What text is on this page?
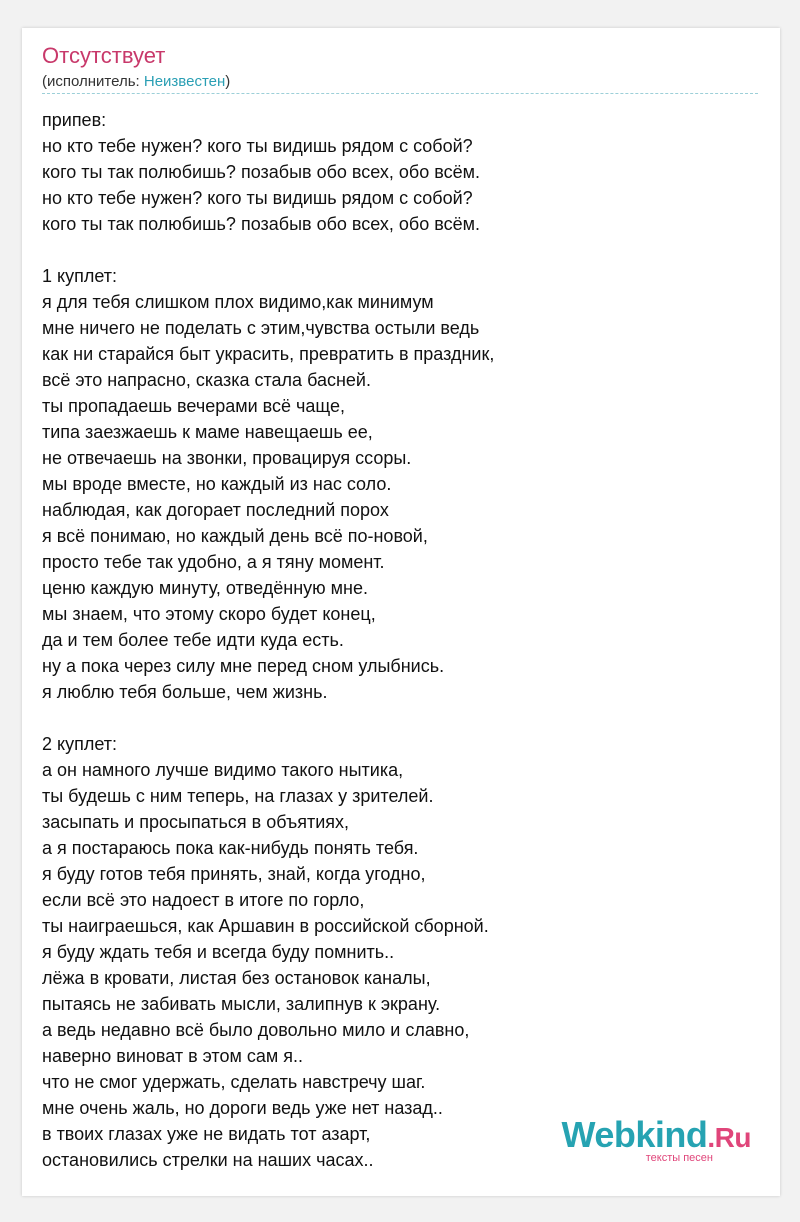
Отсутствует
(исполнитель: Неизвестен)
припев:
но кто тебе нужен? кого ты видишь рядом с собой?
кого ты так полюбишь? позабыв обо всех, обо всём.
но кто тебе нужен? кого ты видишь рядом с собой?
кого ты так полюбишь? позабыв обо всех, обо всём.
1 куплет:
я для тебя слишком плох видимо,как минимум
мне ничего не поделать с этим,чувства остыли ведь
как ни старайся быт украсить, превратить в праздник,
всё это напрасно, сказка стала басней.
ты пропадаешь вечерами всё чаще,
типа заезжаешь к маме навещаешь ее,
не отвечаешь на звонки, провацируя ссоры.
мы вроде вместе, но каждый из нас соло.
наблюдая, как догорает последний порох
я всё понимаю, но каждый день всё по-новой,
просто тебе так удобно, а я тяну момент.
ценю каждую минуту, отведённую мне.
мы знаем, что этому скоро будет конец,
да и тем более тебе идти куда есть.
ну а пока через силу мне перед сном улыбнись.
я люблю тебя больше, чем жизнь.
2 куплет:
а он намного лучше видимо такого нытика,
ты будешь с ним теперь, на глазах у зрителей.
засыпать и просыпаться в объятиях,
а я постараюсь пока как-нибудь понять тебя.
я буду готов тебя принять, знай, когда угодно,
если всё это надоест в итоге по горло,
ты наиграешься, как Аршавин в российской сборной.
я буду ждать тебя и всегда буду помнить..
лёжа в кровати, листая без остановок каналы,
пытаясь не забивать мысли, залипнув к экрану.
а ведь недавно всё было довольно мило и славно,
наверно виноват в этом сам я..
что не смог удержать, сделать навстречу шаг.
мне очень жаль, но дороги ведь уже нет назад..
в твоих глазах уже не видать тот азарт,
остановились стрелки на наших часах..
Webkind.Ru
тексты песен
